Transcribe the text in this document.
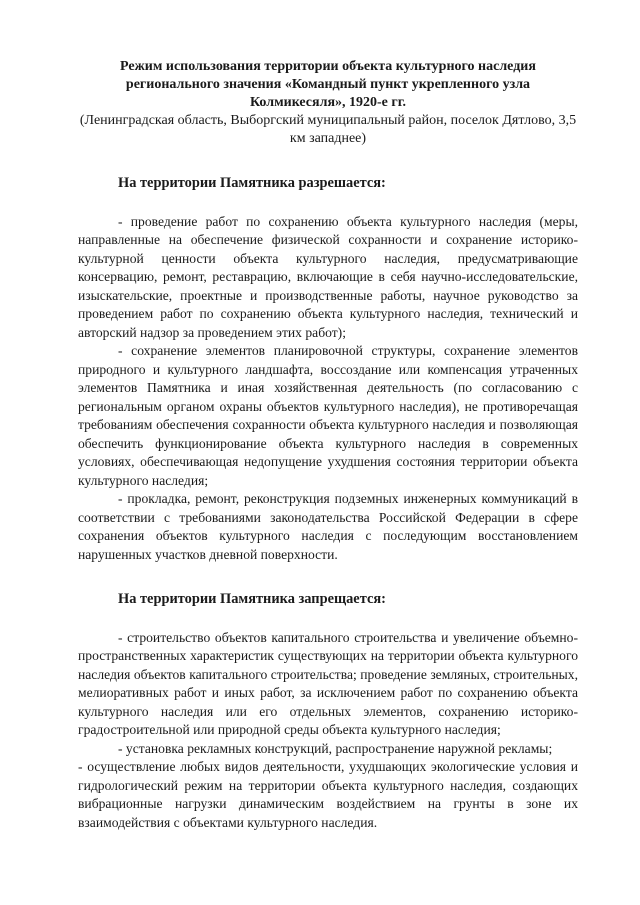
Режим использования территории объекта культурного наследия регионального значения «Командный пункт укрепленного узла Колмикесяля», 1920-е гг.

(Ленинградская область, Выборгский муниципальный район, поселок Дятлово, 3,5 км западнее)

На территории Памятника разрешается:

- проведение работ по сохранению объекта культурного наследия (меры, направленные на обеспечение физической сохранности и сохранение историко-культурной ценности объекта культурного наследия, предусматривающие консервацию, ремонт, реставрацию, включающие в себя научно-исследовательские, изыскательские, проектные и производственные работы, научное руководство за проведением работ по сохранению объекта культурного наследия, технический и авторский надзор за проведением этих работ);

- сохранение элементов планировочной структуры, сохранение элементов природного и культурного ландшафта, воссоздание или компенсация утраченных элементов Памятника и иная хозяйственная деятельность (по согласованию с региональным органом охраны объектов культурного наследия), не противоречащая требованиям обеспечения сохранности объекта культурного наследия и позволяющая обеспечить функционирование объекта культурного наследия в современных условиях, обеспечивающая недопущение ухудшения состояния территории объекта культурного наследия;

- прокладка, ремонт, реконструкция подземных инженерных коммуникаций в соответствии с требованиями законодательства Российской Федерации в сфере сохранения объектов культурного наследия с последующим восстановлением нарушенных участков дневной поверхности.

На территории Памятника запрещается:

- строительство объектов капитального строительства и увеличение объемно-пространственных характеристик существующих на территории объекта культурного наследия объектов капитального строительства; проведение земляных, строительных, мелиоративных работ и иных работ, за исключением работ по сохранению объекта культурного наследия или его отдельных элементов, сохранению историко-градостроительной или природной среды объекта культурного наследия;

- установка рекламных конструкций, распространение наружной рекламы;

- осуществление любых видов деятельности, ухудшающих экологические условия и гидрологический режим на территории объекта культурного наследия, создающих вибрационные нагрузки динамическим воздействием на грунты в зоне их взаимодействия с объектами культурного наследия.
